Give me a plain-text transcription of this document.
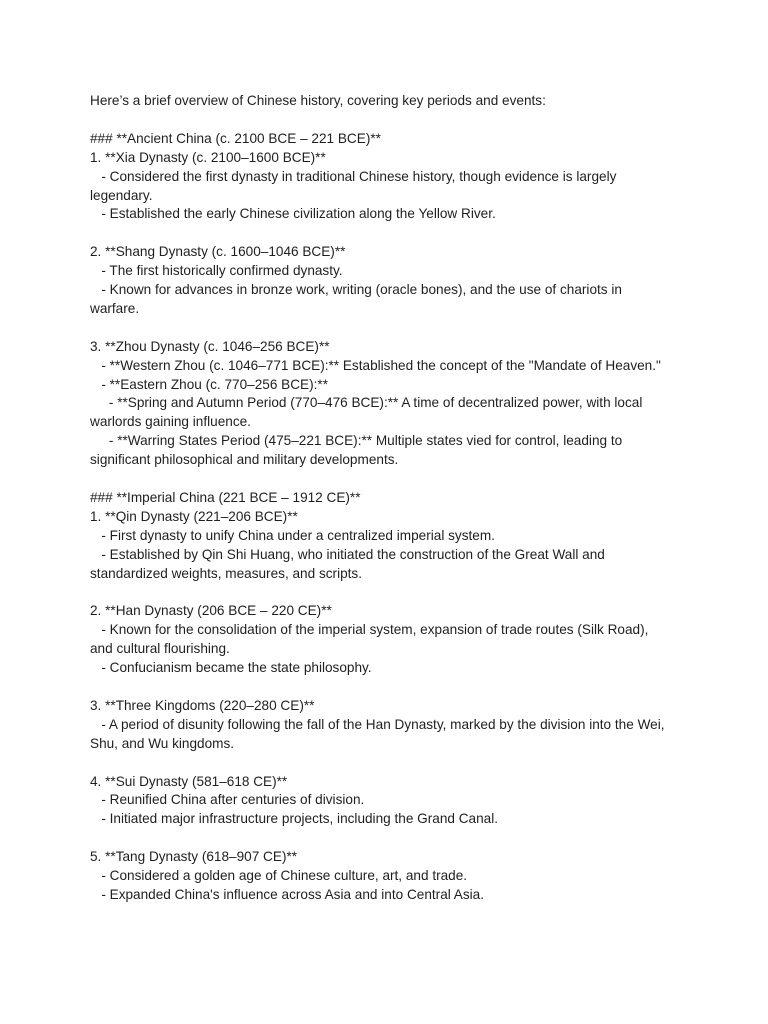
Here’s a brief overview of Chinese history, covering key periods and events:
### **Ancient China (c. 2100 BCE – 221 BCE)**
1. **Xia Dynasty (c. 2100–1600 BCE)**
- Considered the first dynasty in traditional Chinese history, though evidence is largely
legendary.
- Established the early Chinese civilization along the Yellow River.
2. **Shang Dynasty (c. 1600–1046 BCE)**
- The first historically confirmed dynasty.
- Known for advances in bronze work, writing (oracle bones), and the use of chariots in
warfare.
3. **Zhou Dynasty (c. 1046–256 BCE)**
- **Western Zhou (c. 1046–771 BCE):** Established the concept of the "Mandate of Heaven."
- **Eastern Zhou (c. 770–256 BCE):**
- **Spring and Autumn Period (770–476 BCE):** A time of decentralized power, with local
warlords gaining influence.
- **Warring States Period (475–221 BCE):** Multiple states vied for control, leading to
significant philosophical and military developments.
### **Imperial China (221 BCE – 1912 CE)**
1. **Qin Dynasty (221–206 BCE)**
- First dynasty to unify China under a centralized imperial system.
- Established by Qin Shi Huang, who initiated the construction of the Great Wall and
standardized weights, measures, and scripts.
2. **Han Dynasty (206 BCE – 220 CE)**
- Known for the consolidation of the imperial system, expansion of trade routes (Silk Road),
and cultural flourishing.
- Confucianism became the state philosophy.
3. **Three Kingdoms (220–280 CE)**
- A period of disunity following the fall of the Han Dynasty, marked by the division into the Wei,
Shu, and Wu kingdoms.
4. **Sui Dynasty (581–618 CE)**
- Reunified China after centuries of division.
- Initiated major infrastructure projects, including the Grand Canal.
5. **Tang Dynasty (618–907 CE)**
- Considered a golden age of Chinese culture, art, and trade.
- Expanded China's influence across Asia and into Central Asia.
